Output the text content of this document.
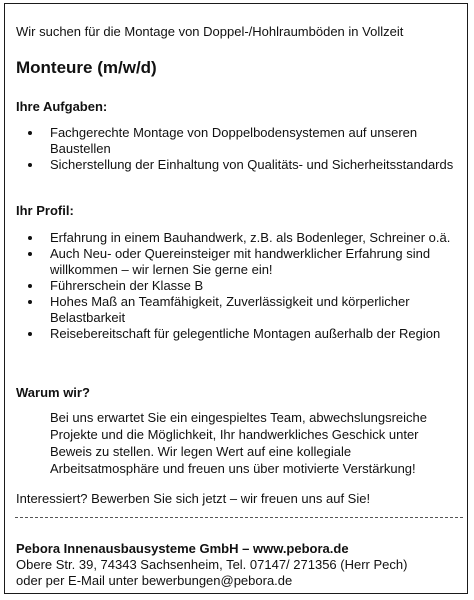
Wir suchen für die Montage von Doppel-/Hohlraumböden in Vollzeit
Monteure (m/w/d)
Ihre Aufgaben:
Fachgerechte Montage von Doppelbodensystemen auf unseren Baustellen
Sicherstellung der Einhaltung von Qualitäts- und Sicherheitsstandards
Ihr Profil:
Erfahrung in einem Bauhandwerk, z.B. als Bodenleger, Schreiner o.ä.
Auch Neu- oder Quereinsteiger mit handwerklicher Erfahrung sind willkommen – wir lernen Sie gerne ein!
Führerschein der Klasse B
Hohes Maß an Teamfähigkeit, Zuverlässigkeit und körperlicher Belastbarkeit
Reisebereitschaft für gelegentliche Montagen außerhalb der Region
Warum wir?
Bei uns erwartet Sie ein eingespieltes Team, abwechslungsreiche Projekte und die Möglichkeit, Ihr handwerkliches Geschick unter Beweis zu stellen. Wir legen Wert auf eine kollegiale Arbeitsatmosphäre und freuen uns über motivierte Verstärkung!
Interessiert? Bewerben Sie sich jetzt – wir freuen uns auf Sie!
Pebora Innenausbausysteme GmbH – www.pebora.de
Obere Str. 39, 74343 Sachsenheim, Tel. 07147/ 271356 (Herr Pech)
oder per E-Mail unter bewerbungen@pebora.de
